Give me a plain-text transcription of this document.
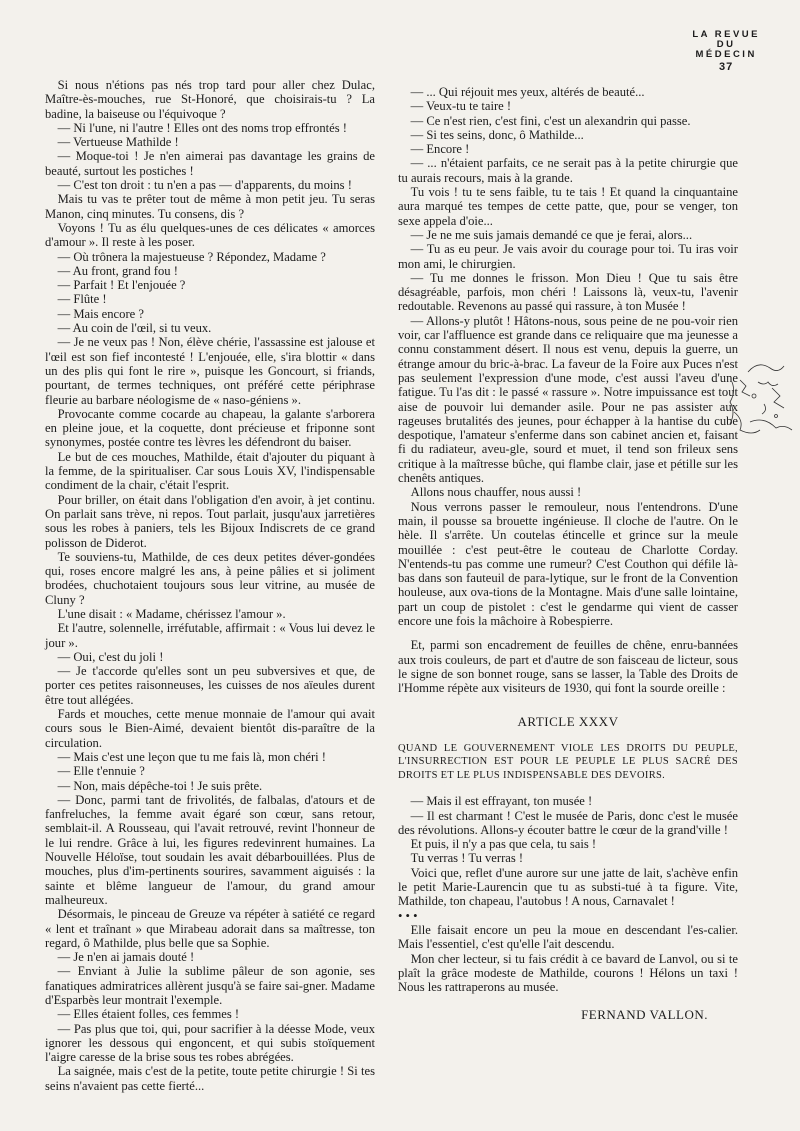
LA REVUE
DU
MÉDECIN
37

Si nous n'étions pas nés trop tard pour aller chez Dulac, Maître-ès-mouches, rue St-Honoré, que choisirais-tu ? La badine, la baiseuse ou l'équivoque ?

— Ni l'une, ni l'autre ! Elles ont des noms trop effrontés !

— Vertueuse Mathilde !

— Moque-toi ! Je n'en aimerai pas davantage les grains de beauté, surtout les postiches !

— C'est ton droit : tu n'en a pas — d'apparents, du moins !

Mais tu vas te prêter tout de même à mon petit jeu. Tu seras Manon, cinq minutes. Tu consens, dis ?

Voyons ! Tu as élu quelques-unes de ces délicates « amorces d'amour ». Il reste à les poser.

— Où trônera la majestueuse ? Répondez, Madame ?

— Au front, grand fou !

— Parfait ! Et l'enjouée ?

— Flûte !

— Mais encore ?

— Au coin de l'œil, si tu veux.

— Je ne veux pas ! Non, élève chérie, l'assassine est jalouse et l'œil est son fief incontesté ! L'enjouée, elle, s'ira blottir « dans un des plis qui font le rire », puisque les Goncourt, si friands, pourtant, de termes techniques, ont préféré cette périphrase fleurie au barbare néologisme de « naso-géniens ».

Provocante comme cocarde au chapeau, la galante s'arborera en pleine joue, et la coquette, dont précieuse et friponne sont synonymes, postée contre tes lèvres les défendront du baiser.

Le but de ces mouches, Mathilde, était d'ajouter du piquant à la femme, de la spiritualiser. Car sous Louis XV, l'indispensable condiment de la chair, c'était l'esprit.

Pour briller, on était dans l'obligation d'en avoir, à jet continu. On parlait sans trève, ni repos. Tout parlait, jusqu'aux jarretières sous les robes à paniers, tels les Bijoux Indiscrets de ce grand polisson de Diderot.

Te souviens-tu, Mathilde, de ces deux petites déver-gondées qui, roses encore malgré les ans, à peine pâlies et si joliment brodées, chuchotaient toujours sous leur vitrine, au musée de Cluny ?

L'une disait : « Madame, chérissez l'amour ».

Et l'autre, solennelle, irréfutable, affirmait : « Vous lui devez le jour ».

— Oui, c'est du joli !

— Je t'accorde qu'elles sont un peu subversives et que, de porter ces petites raisonneuses, les cuisses de nos aïeules durent être tout allégées.

Fards et mouches, cette menue monnaie de l'amour qui avait cours sous le Bien-Aimé, devaient bientôt dis-paraître de la circulation.

— Mais c'est une leçon que tu me fais là, mon chéri !

— Elle t'ennuie ?

— Non, mais dépêche-toi ! Je suis prête.

— Donc, parmi tant de frivolités, de falbalas, d'atours et de fanfreluches, la femme avait égaré son cœur, sans retour, semblait-il. A Rousseau, qui l'avait retrouvé, revint l'honneur de le lui rendre. Grâce à lui, les figures redevinrent humaines. La Nouvelle Héloïse, tout soudain les avait débarbouillées. Plus de mouches, plus d'im-pertinents sourires, savamment aiguisés : la sainte et blême langueur de l'amour, du grand amour malheureux.

Désormais, le pinceau de Greuze va répéter à satiété ce regard « lent et traînant » que Mirabeau adorait dans sa maîtresse, ton regard, ô Mathilde, plus belle que sa Sophie.

— Je n'en ai jamais douté !

— Enviant à Julie la sublime pâleur de son agonie, ses fanatiques admiratrices allèrent jusqu'à se faire sai-gner. Madame d'Esparbès leur montrait l'exemple.

— Elles étaient folles, ces femmes !

— Pas plus que toi, qui, pour sacrifier à la déesse Mode, veux ignorer les dessous qui engoncent, et qui subis stoïquement l'aigre caresse de la brise sous tes robes abrégées.

La saignée, mais c'est de la petite, toute petite chirurgie ! Si tes seins n'avaient pas cette fierté...

— ... Qui réjouit mes yeux, altérés de beauté...

— Veux-tu te taire !

— Ce n'est rien, c'est fini, c'est un alexandrin qui passe.

— Si tes seins, donc, ô Mathilde...

— Encore !

— ... n'étaient parfaits, ce ne serait pas à la petite chirurgie que tu aurais recours, mais à la grande.

Tu vois ! tu te sens faible, tu te tais ! Et quand la cinquantaine aura marqué tes tempes de cette patte, que, pour se venger, ton sexe appela d'oie...

— Je ne me suis jamais demandé ce que je ferai, alors...

— Tu as eu peur. Je vais avoir du courage pour toi. Tu iras voir mon ami, le chirurgien.

— Tu me donnes le frisson. Mon Dieu ! Que tu sais être désagréable, parfois, mon chéri ! Laissons là, veux-tu, l'avenir redoutable. Revenons au passé qui rassure, à ton Musée !

— Allons-y plutôt ! Hâtons-nous, sous peine de ne pou-voir rien voir, car l'affluence est grande dans ce reliquaire que ma jeunesse a connu constamment désert. Il nous est venu, depuis la guerre, un étrange amour du bric-à-brac. La faveur de la Foire aux Puces n'est pas seulement l'expression d'une mode, c'est aussi l'aveu d'une fatigue. Tu l'as dit : le passé « rassure ». Notre impuissance est tout aise de pouvoir lui demander asile. Pour ne pas assister aux rageuses brutalités des jeunes, pour échapper à la hantise du cube despotique, l'amateur s'enferme dans son cabinet ancien et, faisant fi du radiateur, aveu-gle, sourd et muet, il tend son frileux sens critique à la maîtresse bûche, qui flambe clair, jase et pétille sur les chenêts antiques.

Allons nous chauffer, nous aussi !

Nous verrons passer le remouleur, nous l'entendrons. D'une main, il pousse sa brouette ingénieuse. Il cloche de l'autre. On le hèle. Il s'arrête. Un coutelas étincelle et grince sur la meule mouillée : c'est peut-être le couteau de Charlotte Corday. N'entends-tu pas comme une rumeur? C'est Couthon qui défile là-bas dans son fauteuil de para-lytique, sur le front de la Convention houleuse, aux ova-tions de la Montagne. Mais d'une salle lointaine, part un coup de pistolet : c'est le gendarme qui vient de casser encore une fois la mâchoire à Robespierre.

Et, parmi son encadrement de feuilles de chêne, enru-bannées aux trois couleurs, de part et d'autre de son faisceau de licteur, sous le signe de son bonnet rouge, sans se lasser, la Table des Droits de l'Homme répète aux visiteurs de 1930, qui font la sourde oreille :

ARTICLE XXXV
QUAND LE GOUVERNEMENT VIOLE LES DROITS DU PEUPLE, L'INSURRECTION EST POUR LE PEUPLE LE PLUS SACRÉ DES DROITS ET LE PLUS INDISPENSABLE DES DEVOIRS.

— Mais il est effrayant, ton musée !

— Il est charmant ! C'est le musée de Paris, donc c'est le musée des révolutions. Allons-y écouter battre le cœur de la grand'ville !

Et puis, il n'y a pas que cela, tu sais !

Tu verras ! Tu verras !

Voici que, reflet d'une aurore sur une jatte de lait, s'achève enfin le petit Marie-Laurencin que tu as substi-tué à ta figure. Vite, Mathilde, ton chapeau, l'autobus ! A nous, Carnavalet !

• • •

Elle faisait encore un peu la moue en descendant l'es-calier. Mais l'essentiel, c'est qu'elle l'ait descendu.

Mon cher lecteur, si tu fais crédit à ce bavard de Lanvol, ou si te plaît la grâce modeste de Mathilde, courons ! Hélons un taxi ! Nous les rattraperons au musée.

FERNAND VALLON.
